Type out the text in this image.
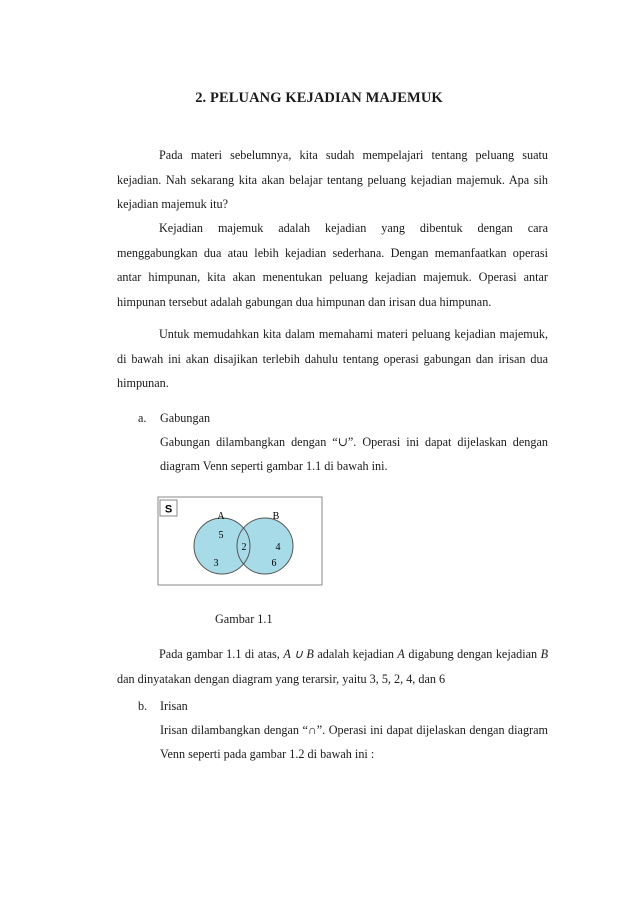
2. PELUANG KEJADIAN MAJEMUK

Pada materi sebelumnya, kita sudah mempelajari tentang peluang suatu kejadian. Nah sekarang kita akan belajar tentang peluang kejadian majemuk. Apa sih kejadian majemuk itu?

Kejadian majemuk adalah kejadian yang dibentuk dengan cara menggabungkan dua atau lebih kejadian sederhana. Dengan memanfaatkan operasi antar himpunan, kita akan menentukan peluang kejadian majemuk. Operasi antar himpunan tersebut adalah gabungan dua himpunan dan irisan dua himpunan.

Untuk memudahkan kita dalam memahami materi peluang kejadian majemuk, di bawah ini akan disajikan terlebih dahulu tentang operasi gabungan dan irisan dua himpunan.

a. Gabungan
Gabungan dilambangkan dengan “∪”. Operasi ini dapat dijelaskan dengan diagram Venn seperti gambar 1.1 di bawah ini.
S
A	B
5
3
2	4
6
Gambar 1.1

Pada gambar 1.1 di atas, A ∪ B adalah kejadian A digabung dengan kejadian B dan dinyatakan dengan diagram yang terarsir, yaitu 3, 5, 2, 4, dan 6

b. Irisan
Irisan dilambangkan dengan “∩”. Operasi ini dapat dijelaskan dengan diagram Venn seperti pada gambar 1.2 di bawah ini :
